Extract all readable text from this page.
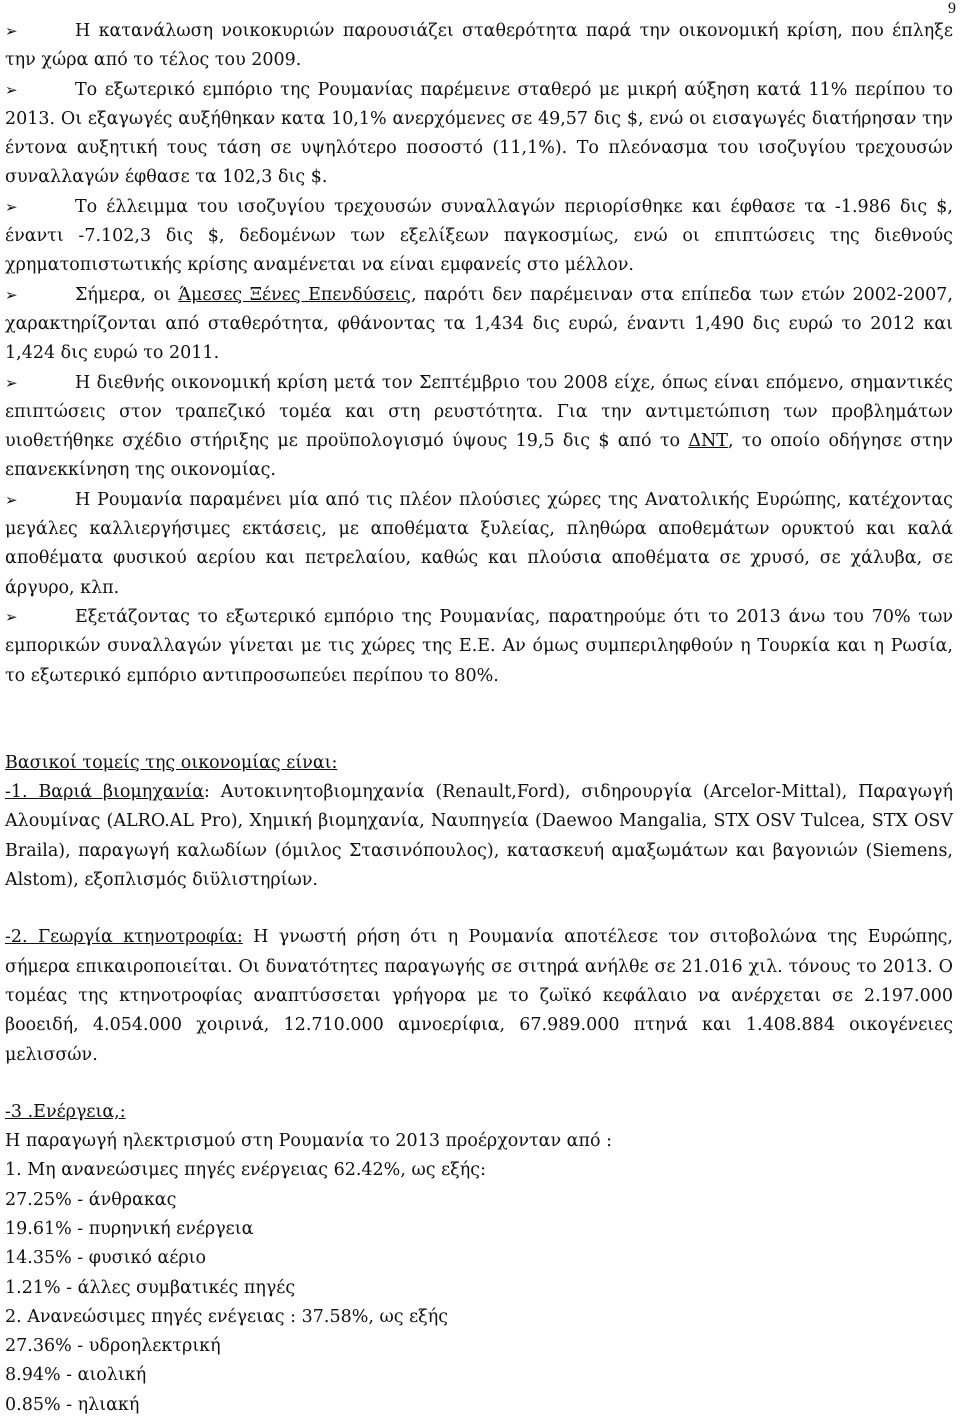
9

➢	Η κατανάλωση νοικοκυριών παρουσιάζει σταθερότητα παρά την οικονομική κρίση, που έπληξε την χώρα από το τέλος του 2009.

➢	Το εξωτερικό εμπόριο της Ρουμανίας παρέμεινε σταθερό με μικρή αύξηση κατά 11% περίπου το 2013. Οι εξαγωγές αυξήθηκαν κατα 10,1% ανερχόμενες σε 49,57 δις $, ενώ οι εισαγωγές διατήρησαν την έντονα αυξητική τους τάση σε υψηλότερο ποσοστό (11,1%). Το πλεόνασμα του ισοζυγίου τρεχουσών συναλλαγών έφθασε τα 102,3 δις $.

➢	Το έλλειμμα του ισοζυγίου τρεχουσών συναλλαγών περιορίσθηκε και έφθασε τα -1.986 δις $, έναντι -7.102,3 δις $, δεδομένων των εξελίξεων παγκοσμίως, ενώ οι επιπτώσεις της διεθνούς χρηματοπιστωτικής κρίσης αναμένεται να είναι εμφανείς στο μέλλον.

➢	Σήμερα, οι Άμεσες Ξένες Επενδύσεις, παρότι δεν παρέμειναν στα επίπεδα των ετών 2002-2007, χαρακτηρίζονται από σταθερότητα, φθάνοντας τα 1,434 δις ευρώ, έναντι 1,490 δις ευρώ το 2012 και 1,424 δις ευρώ το 2011.

➢	Η διεθνής οικονομική κρίση μετά τον Σεπτέμβριο του 2008 είχε, όπως είναι επόμενο, σημαντικές επιπτώσεις στον τραπεζικό τομέα και στη ρευστότητα. Για την αντιμετώπιση των προβλημάτων υιοθετήθηκε σχέδιο στήριξης με προϋπολογισμό ύψους 19,5 δις $ από το ΔΝΤ, το οποίο οδήγησε στην επανεκκίνηση της οικονομίας.

➢	Η Ρουμανία παραμένει μία από τις πλέον πλούσιες χώρες της Ανατολικής Ευρώπης, κατέχοντας μεγάλες καλλιεργήσιμες εκτάσεις, με αποθέματα ξυλείας, πληθώρα αποθεμάτων ορυκτού και καλά αποθέματα φυσικού αερίου και πετρελαίου, καθώς και πλούσια αποθέματα σε χρυσό, σε χάλυβα, σε άργυρο, κλπ.

➢	Εξετάζοντας το εξωτερικό εμπόριο της Ρουμανίας, παρατηρούμε ότι το 2013 άνω του 70% των εμπορικών συναλλαγών γίνεται με τις χώρες της Ε.Ε. Αν όμως συμπεριληφθούν η Τουρκία και η Ρωσία, το εξωτερικό εμπόριο αντιπροσωπεύει περίπου το 80%.

Βασικοί τομείς της οικονομίας είναι:

-1. Βαριά βιομηχανία: Αυτοκινητοβιομηχανία (Renault,Ford), σιδηρουργία (Arcelor-Mittal), Παραγωγή Αλουμίνας (ALRO.AL Pro), Χημική βιομηχανία, Ναυπηγεία (Daewoo Mangalia, STX OSV Tulcea, STX OSV Braila), παραγωγή καλωδίων (όμιλος Στασινόπουλος), κατασκευή αμαξωμάτων και βαγονιών (Siemens, Alstom), εξοπλισμός διϋλιστηρίων.

-2. Γεωργία κτηνοτροφία: Η γνωστή ρήση ότι η Ρουμανία αποτέλεσε τον σιτοβολώνα της Ευρώπης, σήμερα επικαιροποιείται. Οι δυνατότητες παραγωγής σε σιτηρά ανήλθε σε 21.016 χιλ. τόνους το 2013. Ο τομέας της κτηνοτροφίας αναπτύσσεται γρήγορα με το ζωϊκό κεφάλαιο να ανέρχεται σε 2.197.000 βοοειδή, 4.054.000 χοιρινά, 12.710.000 αμνοερίφια, 67.989.000 πτηνά και 1.408.884 οικογένειες μελισσών.

-3 .Ενέργεια,:

Η παραγωγή ηλεκτρισμού στη Ρουμανία το 2013 προέρχονταν από :

1. Μη ανανεώσιμες πηγές ενέργειας 62.42%, ως εξής:

27.25% - άνθρακας

19.61% - πυρηνική ενέργεια

14.35% - φυσικό αέριο

1.21% - άλλες συμβατικές πηγές

2. Ανανεώσιμες πηγές ενέγειας : 37.58%, ως εξής

27.36% - υδροηλεκτρική

8.94% - αιολική

0.85% - ηλιακή
